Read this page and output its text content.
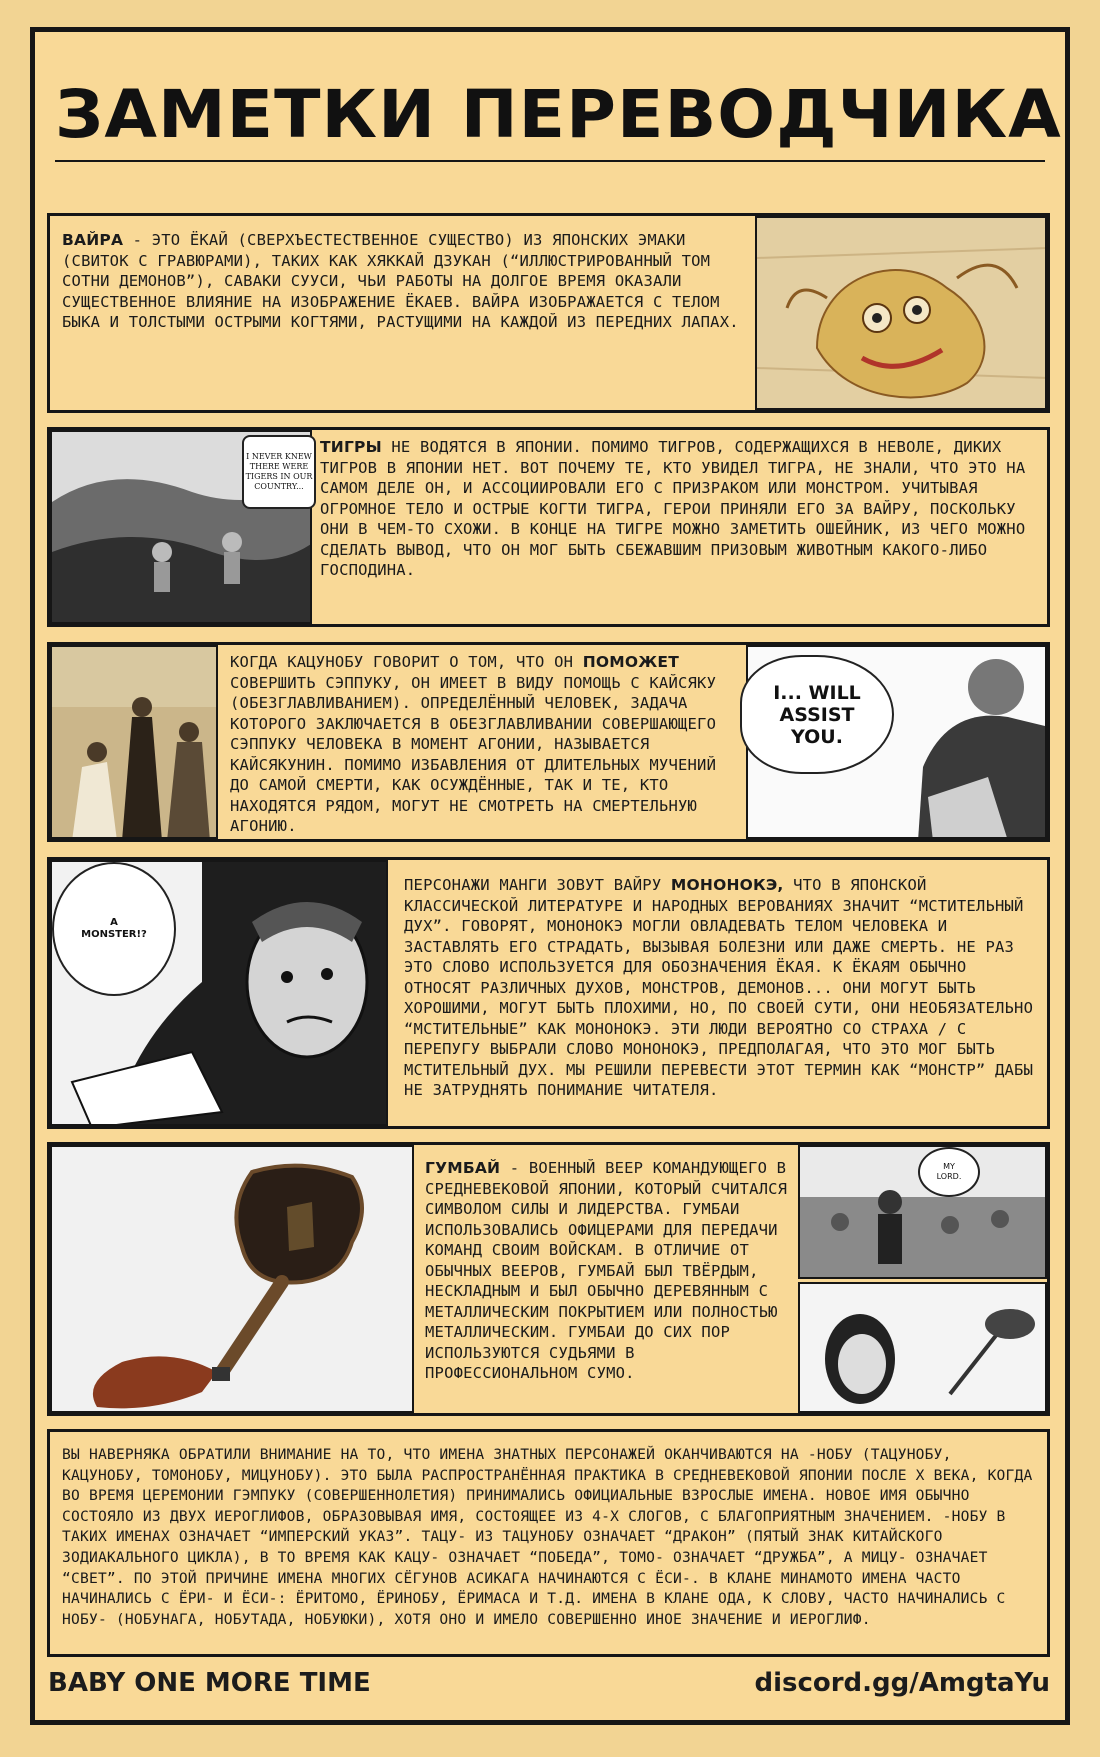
ЗАМЕТКИ ПЕРЕВОДЧИКА
ВАЙРА - ЭТО ЁКАЙ (СВЕРХЪЕСТЕСТВЕННОЕ СУЩЕСТВО) ИЗ ЯПОНСКИХ ЭМАКИ (СВИТОК С ГРАВЮРАМИ), ТАКИХ КАК ХЯККАЙ ДЗУКАН (“ИЛЛЮСТРИРОВАННЫЙ ТОМ СОТНИ ДЕМОНОВ”), САВАКИ СУУСИ, ЧЬИ РАБОТЫ НА ДОЛГОЕ ВРЕМЯ ОКАЗАЛИ СУЩЕСТВЕННОЕ ВЛИЯНИЕ НА ИЗОБРАЖЕНИЕ ЁКАЕВ. ВАЙРА ИЗОБРАЖАЕТСЯ С ТЕЛОМ БЫКА И ТОЛСТЫМИ ОСТРЫМИ КОГТЯМИ, РАСТУЩИМИ НА КАЖДОЙ ИЗ ПЕРЕДНИХ ЛАПАХ.
I NEVER KNEW THERE WERE TIGERS IN OUR COUNTRY...
ТИГРЫ НЕ ВОДЯТСЯ В ЯПОНИИ. ПОМИМО ТИГРОВ, СОДЕРЖАЩИХСЯ В НЕВОЛЕ, ДИКИХ ТИГРОВ В ЯПОНИИ НЕТ. ВОТ ПОЧЕМУ ТЕ, КТО УВИДЕЛ ТИГРА, НЕ ЗНАЛИ, ЧТО ЭТО НА САМОМ ДЕЛЕ ОН, И АССОЦИИРОВАЛИ ЕГО С ПРИЗРАКОМ ИЛИ МОНСТРОМ. УЧИТЫВАЯ ОГРОМНОЕ ТЕЛО И ОСТРЫЕ КОГТИ ТИГРА, ГЕРОИ ПРИНЯЛИ ЕГО ЗА ВАЙРУ, ПОСКОЛЬКУ ОНИ В ЧЕМ-ТО СХОЖИ. В КОНЦЕ НА ТИГРЕ МОЖНО ЗАМЕТИТЬ ОШЕЙНИК, ИЗ ЧЕГО МОЖНО СДЕЛАТЬ ВЫВОД, ЧТО ОН МОГ БЫТЬ СБЕЖАВШИМ ПРИЗОВЫМ ЖИВОТНЫМ КАКОГО-ЛИБО ГОСПОДИНА.
КОГДА КАЦУНОБУ ГОВОРИТ О ТОМ, ЧТО ОН ПОМОЖЕТ СОВЕРШИТЬ СЭППУКУ, ОН ИМЕЕТ В ВИДУ ПОМОЩЬ С КАЙСЯКУ (ОБЕЗГЛАВЛИВАНИЕМ). ОПРЕДЕЛЁННЫЙ ЧЕЛОВЕК, ЗАДАЧА КОТОРОГО ЗАКЛЮЧАЕТСЯ В ОБЕЗГЛАВЛИВАНИИ СОВЕРШАЮЩЕГО СЭППУКУ ЧЕЛОВЕКА В МОМЕНТ АГОНИИ, НАЗЫВАЕТСЯ КАЙСЯКУНИН. ПОМИМО ИЗБАВЛЕНИЯ ОТ ДЛИТЕЛЬНЫХ МУЧЕНИЙ ДО САМОЙ СМЕРТИ, КАК ОСУЖДЁННЫЕ, ТАК И ТЕ, КТО НАХОДЯТСЯ РЯДОМ, МОГУТ НЕ СМОТРЕТЬ НА СМЕРТЕЛЬНУЮ АГОНИЮ.
I... WILL ASSIST YOU.
A MONSTER!?
ПЕРСОНАЖИ МАНГИ ЗОВУТ ВАЙРУ МОНОНОКЭ, ЧТО В ЯПОНСКОЙ КЛАССИЧЕСКОЙ ЛИТЕРАТУРЕ И НАРОДНЫХ ВЕРОВАНИЯХ ЗНАЧИТ “МСТИТЕЛЬНЫЙ ДУХ”. ГОВОРЯТ, МОНОНОКЭ МОГЛИ ОВЛАДЕВАТЬ ТЕЛОМ ЧЕЛОВЕКА И ЗАСТАВЛЯТЬ ЕГО СТРАДАТЬ, ВЫЗЫВАЯ БОЛЕЗНИ ИЛИ ДАЖЕ СМЕРТЬ. НЕ РАЗ ЭТО СЛОВО ИСПОЛЬЗУЕТСЯ ДЛЯ ОБОЗНАЧЕНИЯ ЁКАЯ. К ЁКАЯМ ОБЫЧНО ОТНОСЯТ РАЗЛИЧНЫХ ДУХОВ, МОНСТРОВ, ДЕМОНОВ... ОНИ МОГУТ БЫТЬ ХОРОШИМИ, МОГУТ БЫТЬ ПЛОХИМИ, НО, ПО СВОЕЙ СУТИ, ОНИ НЕОБЯЗАТЕЛЬНО “МСТИТЕЛЬНЫЕ” КАК МОНОНОКЭ. ЭТИ ЛЮДИ ВЕРОЯТНО СО СТРАХА / С ПЕРЕПУГУ ВЫБРАЛИ СЛОВО МОНОНОКЭ, ПРЕДПОЛАГАЯ, ЧТО ЭТО МОГ БЫТЬ МСТИТЕЛЬНЫЙ ДУХ. МЫ РЕШИЛИ ПЕРЕВЕСТИ ЭТОТ ТЕРМИН КАК “МОНСТР” ДАБЫ НЕ ЗАТРУДНЯТЬ ПОНИМАНИЕ ЧИТАТЕЛЯ.
ГУМБАЙ - ВОЕННЫЙ ВЕЕР КОМАНДУЮЩЕГО В СРЕДНЕВЕКОВОЙ ЯПОНИИ, КОТОРЫЙ СЧИТАЛСЯ СИМВОЛОМ СИЛЫ И ЛИДЕРСТВА. ГУМБАИ ИСПОЛЬЗОВАЛИСЬ ОФИЦЕРАМИ ДЛЯ ПЕРЕДАЧИ КОМАНД СВОИМ ВОЙСКАМ. В ОТЛИЧИЕ ОТ ОБЫЧНЫХ ВЕЕРОВ, ГУМБАЙ БЫЛ ТВЁРДЫМ, НЕСКЛАДНЫМ И БЫЛ ОБЫЧНО ДЕРЕВЯННЫМ С МЕТАЛЛИЧЕСКИМ ПОКРЫТИЕМ ИЛИ ПОЛНОСТЬЮ МЕТАЛЛИЧЕСКИМ. ГУМБАИ ДО СИХ ПОР ИСПОЛЬЗУЮТСЯ СУДЬЯМИ В ПРОФЕССИОНАЛЬНОМ СУМО.
MY LORD.
ВЫ НАВЕРНЯКА ОБРАТИЛИ ВНИМАНИЕ НА ТО, ЧТО ИМЕНА ЗНАТНЫХ ПЕРСОНАЖЕЙ ОКАНЧИВАЮТСЯ НА -НОБУ (ТАЦУНОБУ, КАЦУНОБУ, ТОМОНОБУ, МИЦУНОБУ). ЭТО БЫЛА РАСПРОСТРАНЁННАЯ ПРАКТИКА В СРЕДНЕВЕКОВОЙ ЯПОНИИ ПОСЛЕ X ВЕКА, КОГДА ВО ВРЕМЯ ЦЕРЕМОНИИ ГЭМПУКУ (СОВЕРШЕННОЛЕТИЯ) ПРИНИМАЛИСЬ ОФИЦИАЛЬНЫЕ ВЗРОСЛЫЕ ИМЕНА. НОВОЕ ИМЯ ОБЫЧНО СОСТОЯЛО ИЗ ДВУХ ИЕРОГЛИФОВ, ОБРАЗОВЫВАЯ ИМЯ, СОСТОЯЩЕЕ ИЗ 4-Х СЛОГОВ, С БЛАГОПРИЯТНЫМ ЗНАЧЕНИЕМ. -НОБУ В ТАКИХ ИМЕНАХ ОЗНАЧАЕТ “ИМПЕРСКИЙ УКАЗ”. ТАЦУ- ИЗ ТАЦУНОБУ ОЗНАЧАЕТ “ДРАКОН” (ПЯТЫЙ ЗНАК КИТАЙСКОГО ЗОДИАКАЛЬНОГО ЦИКЛА), В ТО ВРЕМЯ КАК КАЦУ- ОЗНАЧАЕТ “ПОБЕДА”, ТОМО- ОЗНАЧАЕТ “ДРУЖБА”, А МИЦУ- ОЗНАЧАЕТ “СВЕТ”. ПО ЭТОЙ ПРИЧИНЕ ИМЕНА МНОГИХ СЁГУНОВ АСИКАГА НАЧИНАЮТСЯ С ЁСИ-. В КЛАНЕ МИНАМОТО ИМЕНА ЧАСТО НАЧИНАЛИСЬ С ЁРИ- И ЁСИ-: ЁРИТОМО, ЁРИНОБУ, ЁРИМАСА И Т.Д. ИМЕНА В КЛАНЕ ОДА, К СЛОВУ, ЧАСТО НАЧИНАЛИСЬ С НОБУ- (НОБУНАГА, НОБУТАДА, НОБУЮКИ), ХОТЯ ОНО И ИМЕЛО СОВЕРШЕННО ИНОЕ ЗНАЧЕНИЕ И ИЕРОГЛИФ.
BABY ONE MORE TIME	discord.gg/AmgtaYu
